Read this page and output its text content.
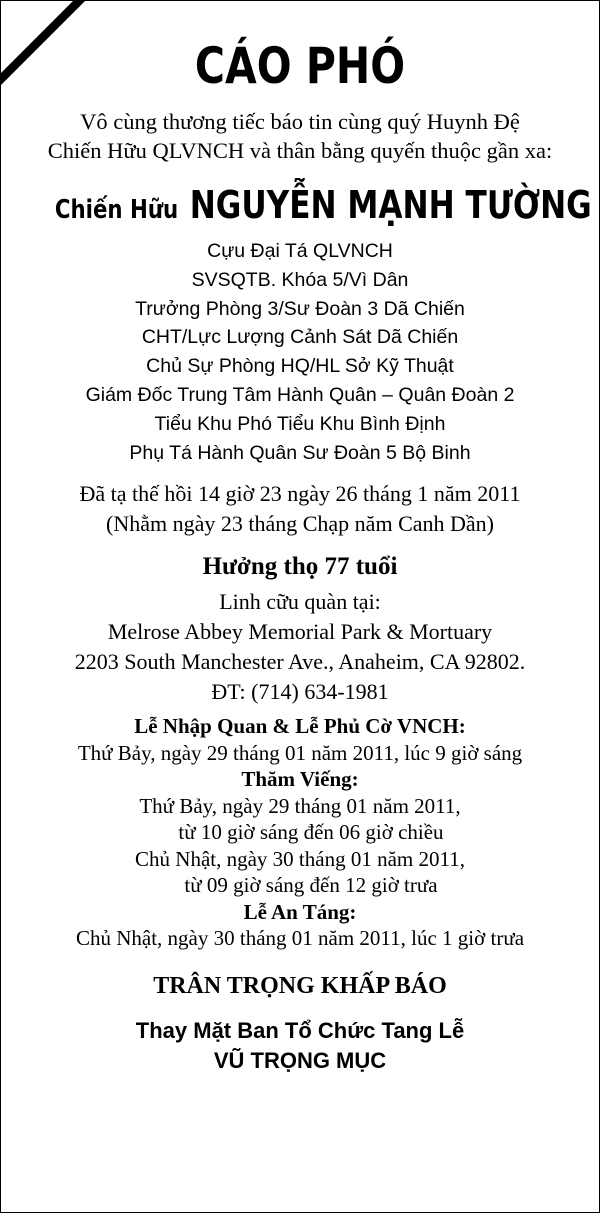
CÁO PHÓ
Vô cùng thương tiếc báo tin cùng quý Huynh Đệ
Chiến Hữu QLVNCH và thân bằng quyến thuộc gần xa:
Chiến Hữu NGUYỄN MẠNH TƯỜNG
Cựu Đại Tá QLVNCH
SVSQTB. Khóa 5/Vì Dân
Trưởng Phòng 3/Sư Đoàn 3 Dã Chiến
CHT/Lực Lượng Cảnh Sát Dã Chiến
Chủ Sự Phòng HQ/HL Sở Kỹ Thuật
Giám Đốc Trung Tâm Hành Quân – Quân Đoàn 2
Tiểu Khu Phó Tiểu Khu Bình Định
Phụ Tá Hành Quân Sư Đoàn 5 Bộ Binh
Đã tạ thế hồi 14 giờ 23 ngày 26 tháng 1 năm 2011
(Nhằm ngày 23 tháng Chạp năm Canh Dần)
Hưởng thọ 77 tuổi
Linh cữu quàn tại:
Melrose Abbey Memorial Park & Mortuary
2203 South Manchester Ave., Anaheim, CA 92802.
ĐT: (714) 634-1981
Lễ Nhập Quan & Lễ Phủ Cờ VNCH:
Thứ Bảy, ngày 29 tháng 01 năm 2011, lúc 9 giờ sáng
Thăm Viếng:
Thứ Bảy, ngày 29 tháng 01 năm 2011,
từ 10 giờ sáng đến 06 giờ chiều
Chủ Nhật, ngày 30 tháng 01 năm 2011,
từ 09 giờ sáng đến 12 giờ trưa
Lễ An Táng:
Chủ Nhật, ngày 30 tháng 01 năm 2011, lúc 1 giờ trưa
TRÂN TRỌNG KHẤP BÁO
Thay Mặt Ban Tổ Chức Tang Lễ
VŨ TRỌNG MỤC
